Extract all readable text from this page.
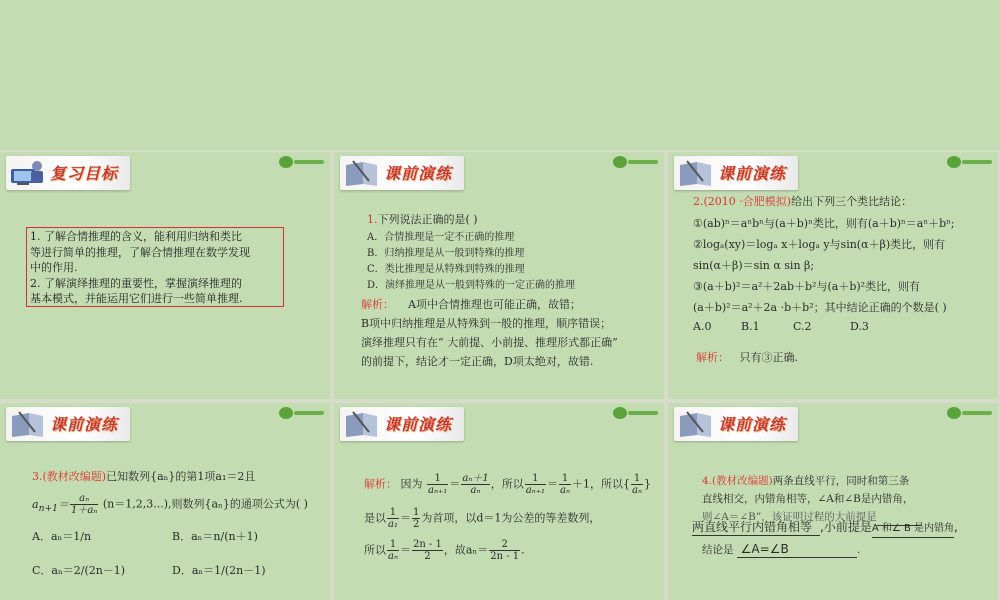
复习目标
1. 了解合情推理的含义，能利用归纳和类比
等进行简单的推理，了解合情推理在数学发现
中的作用.
2. 了解演绎推理的重要性，掌握演绎推理的
基本模式，并能运用它们进行一些简单推理.
课前演练
1.下列说法正确的是( )
A．合情推理是一定不正确的推理
B．归纳推理是从一般到特殊的推理
C．类比推理是从特殊到特殊的推理
D．演绎推理是从一般到特殊的一定正确的推理
解析： A项中合情推理也可能正确，故错；
B项中归纳推理是从特殊到一般的推理，顺序错误；
演绎推理只有在“ 大前提、小前提、推理形式都正确”
的前提下，结论才一定正确，D项太绝对，故错.
课前演练
2.(2010 ·合肥模拟)给出下列三个类比结论：
①(ab)ⁿ＝aⁿbⁿ与(a＋b)ⁿ类比，则有(a＋b)ⁿ＝aⁿ＋bⁿ;
②logₐ(xy)＝logₐ x＋logₐ y与sin(α＋β)类比，则有
sin(α＋β)＝sin α sin β;
③(a＋b)²＝a²＋2ab＋b²与(a＋b)²类比，则有
(a＋b)²＝a²＋2a ·b＋b²；其中结论正确的个数是( )
A.0	B.1	C.2	D.3
解析： 只有③正确.
课前演练
3.(教材改编题)已知数列{aₙ}的第1项a₁＝2且
$a_{n+1}= \frac{\text{aₙ}}{\text{1＋aₙ}} (n=1,2,3...)$,则数列{aₙ}的通项公式为( )
A．aₙ＝1/n	B．aₙ＝n/(n＋1)
C．aₙ＝2/(2n－1)	D．aₙ＝1/(2n－1)
课前演练
解析： 因为 $\frac{1}{\text{aₙ₊₁}} = \frac{\text{aₙ＋1}}{\text{aₙ}}$ ，所以 $\frac{1}{\text{aₙ₊₁}} = \frac{1}{\text{aₙ}} +1$，所以{ $\frac{1}{\text{aₙ}}$ }
是以 $\frac{1}{\text{a₁}} = \frac{1}{2}$ 为首项，以d＝1为公差的等差数列，
所以 $\frac{1}{\text{aₙ}} = \frac{2n - 1}{2}$ ，故$a_n= \frac{2}{2n - 1}$ .
课前演练
4.(教材改编题)两条直线平行，同时和第三条
直线相交，内错角相等，∠A和∠B是内错角，
则∠A＝∠B”，该证明过程的大前提是
两直线平行内错角相等 ,小前提是A 和∠ B 是内错角,
结论是 ∠A=∠B	.
